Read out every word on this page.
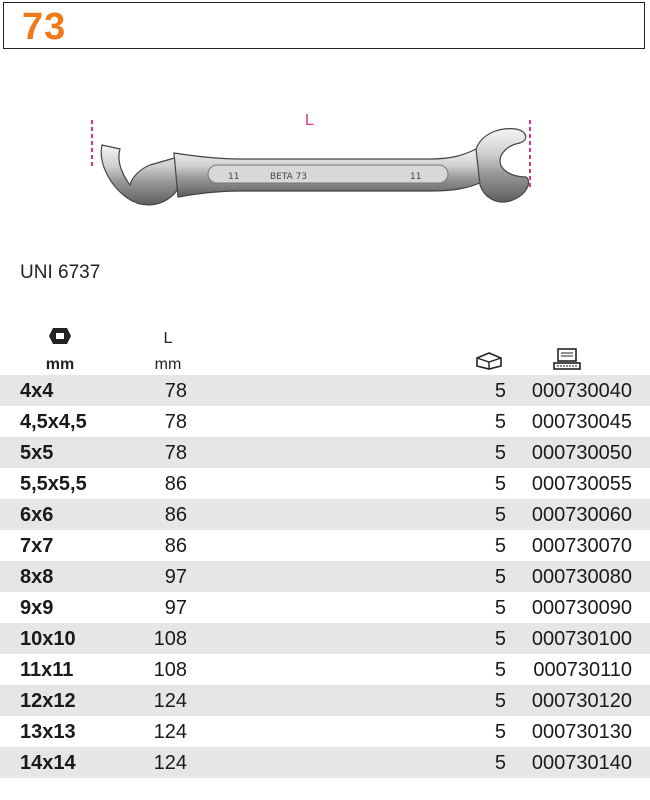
73
11	BETA 73	11
L
UNI 6737
mm
L
mm
4x4	78	5	000730040
4,5x4,5	78	5	000730045
5x5	78	5	000730050
5,5x5,5	86	5	000730055
6x6	86	5	000730060
7x7	86	5	000730070
8x8	97	5	000730080
9x9	97	5	000730090
10x10	108	5	000730100
11x11	108	5	000730110
12x12	124	5	000730120
13x13	124	5	000730130
14x14	124	5	000730140
